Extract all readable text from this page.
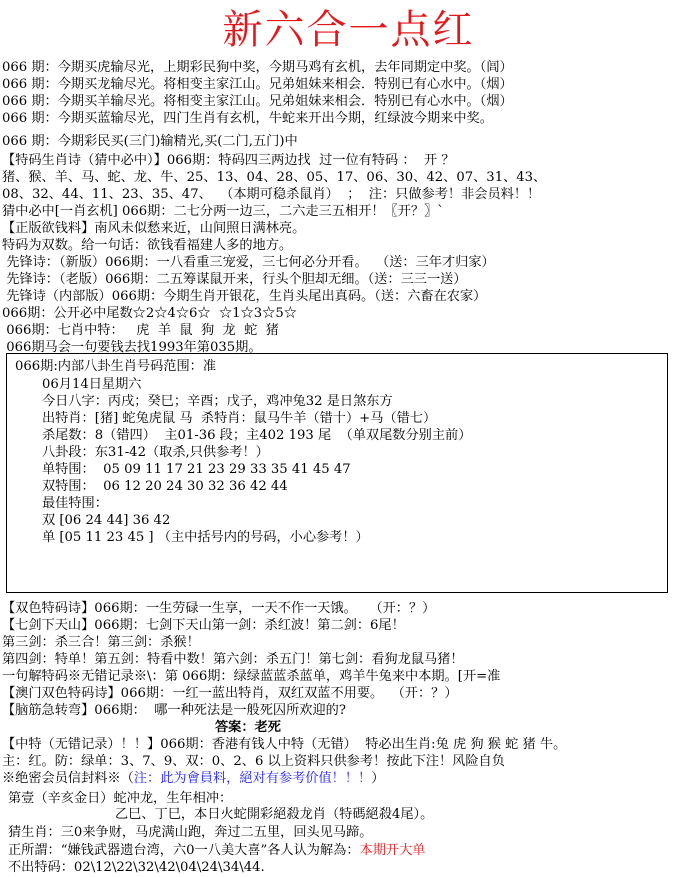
新六合一点红
066 期：今期买虎输尽光，上期彩民狗中奖，今期马鸡有玄机，去年同期定中奖。（闾）
066 期：今期买龙输尽光。将相变主家江山。兄弟姐妹来相会．特别已有心水中。（烟）
066 期：今期买羊输尽光。将相变主家江山。兄弟姐妹来相会．特别已有心水中。（烟）
066 期：今期买蓝输尽光，四门生肖有玄机，牛蛇来开出今期，红绿波今期来中奖。
066 期：今期彩民买(三门)输精光,买(二门,五门)中
【特码生肖诗（猜中必中）】066期：特码四三两边找  过一位有特码 ：  开 ？
猪、猴、羊、马、蛇、龙、牛、25、13、04、28、05、17、06、30、42、07、31、43、
08、32、44、11、23、35、47、  （本期可稳杀鼠肖）  ；  注：只做参考！非会员料！！
猜中必中[一肖玄机] 066期：二七分两一边三，二六走三五相开！〖开？〗`
【正版欲钱料】南风未似愁来近，山间照日满林亮。
特码为双数。给一句话：欲钱看福建人多的地方。
先锋诗：（新版）066期：一八看重三宠爱，三七何必分开看。  （送：三年才归家）
先锋诗：（老版）066期：二五筹谋鼠开来，行头个胆却无细。（送：三三一送）
先锋诗（内部版）066期：今期生肖开银花，生肖头尾出真码。（送：六畜在农家）
066期：公开必中尾数☆2☆4☆6☆  ☆1☆3☆5☆
066期：七肖中特：   虎  羊  鼠  狗  龙  蛇  猪
066期马会一句要钱去找1993年第035期。
066期:内部八卦生肖号码范围：准
06月14日星期六
今日八字：丙戌；癸巳；辛酉；戊子，鸡冲兔32 是日煞东方
出特肖：[猪] 蛇兔虎鼠 马  杀特肖：鼠马牛羊（错十）+马（错七）
杀尾数：8（错四）  主01-36 段；主402 193 尾  （单双尾数分别主前）
八卦段：东31-42（取杀,只供参考！）
单特围：  05 09 11 17 21 23 29 33 35 41 45 47
双特围：  06 12 20 24 30 32 36 42 44
最佳特围：
双 [06 24 44] 36 42
单 [05 11 23 45 ] （主中括号内的号码，小心参考！）
【双色特码诗】066期：一生劳碌一生享，一天不作一天饿。   （开：？）
【七剑下天山】066期：七剑下天山第一剑：杀红波！第二剑：6尾！
第三剑：杀三合！第三剑：杀猴！
第四剑：特单！第五剑：特看中数！第六剑：杀五门！第七剑：看狗龙鼠马猪！
一句解特码※无错记录※\：第 066期：绿绿蓝蓝杀蓝单，鸡羊牛兔来中本期。[开=准
【澳门双色特码诗】066期：一红一蓝出特肖，双红双蓝不用要。  （开：？）
【脑筋急转弯】066期：  哪一种死法是一般死囚所欢迎的?
答案：老死
【中特（无错记录）！！】066期：香港有钱人中特（无错）  特必出生肖:兔 虎 狗 猴 蛇 猪 牛。
主：红。防：绿单：3、7、9、双：0、2、6 以上资料只供参考！按此下注！风险自负
※绝密会员信封料※（注：此为會員料，絕对有参考价值！！！）
第壹（辛亥金日）蛇冲龙，生年相冲：
乙巳、丁巳，本日火蛇開彩絕殺龙肖（特碼絕殺4尾）。
猜生肖：三0来争财，马虎满山跑，奔过二五里，回头见马蹄。
正所謂：“嫌钱武器遗台湾，六0一八美大喜”各人认为解為：本期开大单
不出特码：02\12\22\32\42\04\24\34\44.
